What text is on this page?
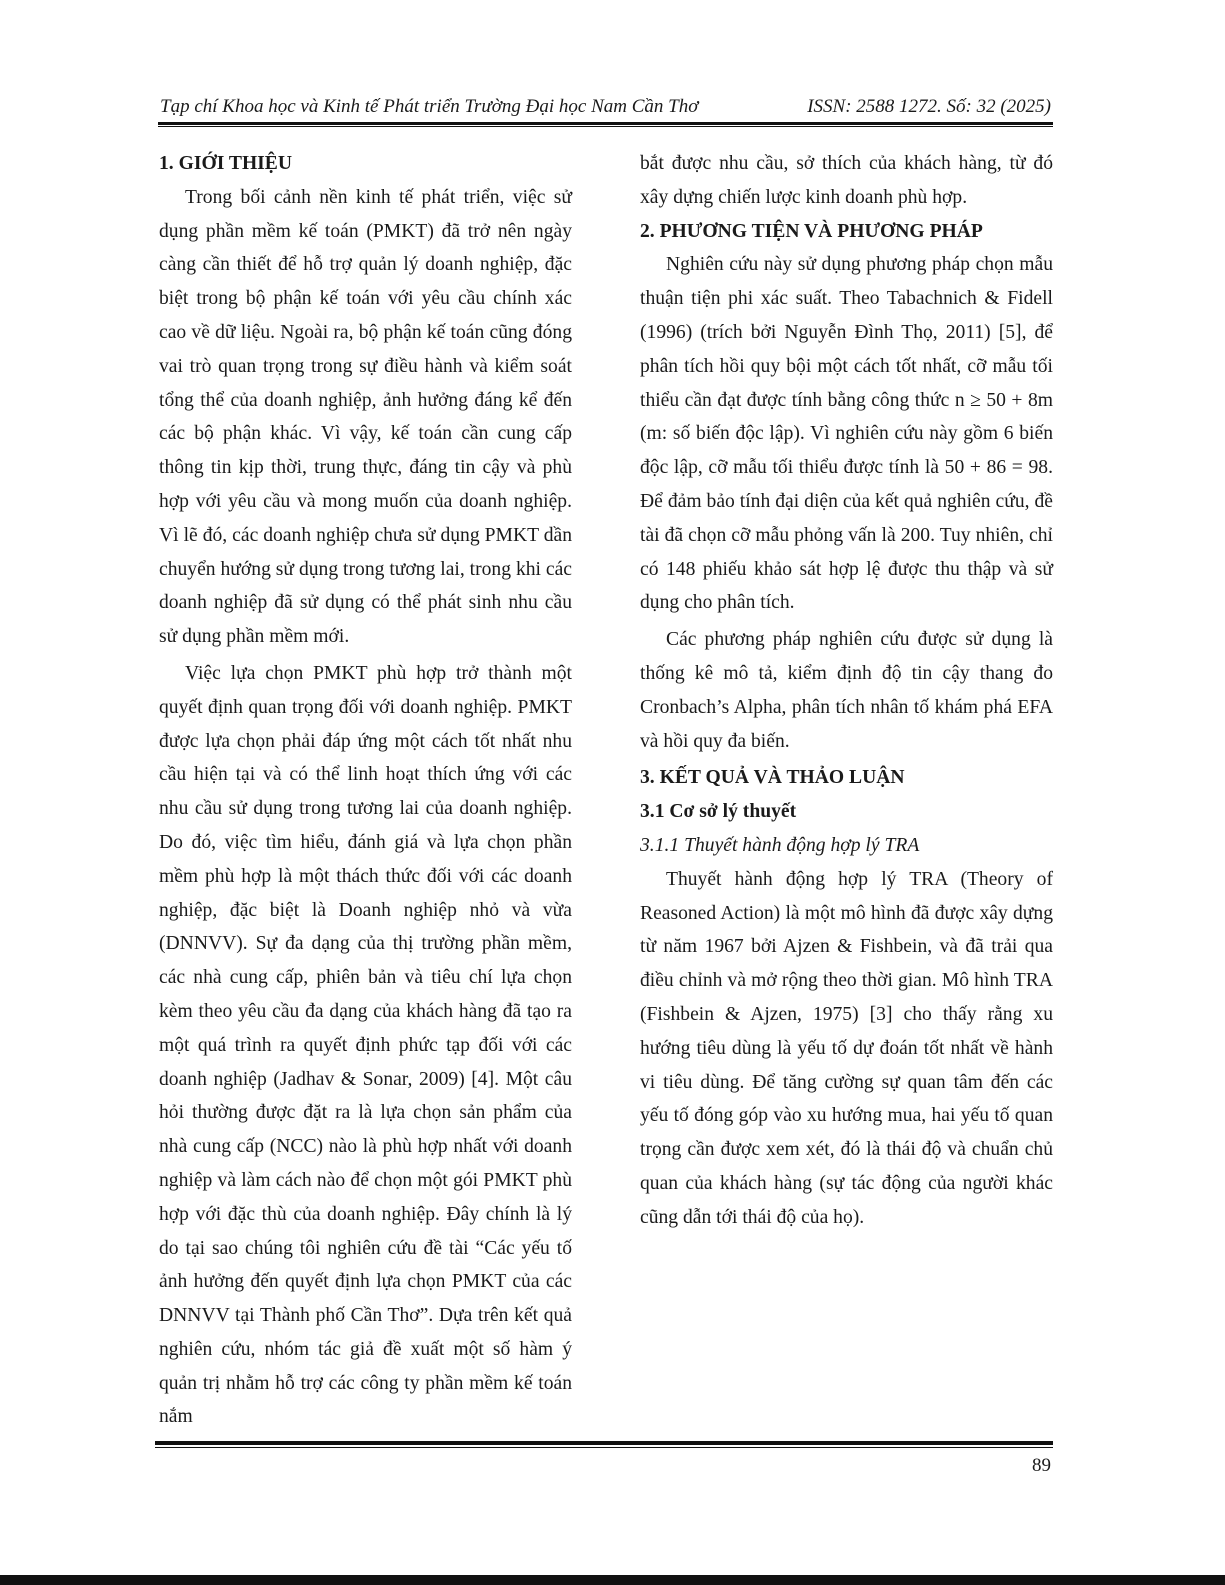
Tạp chí Khoa học và Kinh tế Phát triển Trường Đại học Nam Cần Thơ	ISSN: 2588 1272. Số: 32 (2025)
1. GIỚI THIỆU

Trong bối cảnh nền kinh tế phát triển, việc sử dụng phần mềm kế toán (PMKT) đã trở nên ngày càng cần thiết để hỗ trợ quản lý doanh nghiệp, đặc biệt trong bộ phận kế toán với yêu cầu chính xác cao về dữ liệu. Ngoài ra, bộ phận kế toán cũng đóng vai trò quan trọng trong sự điều hành và kiểm soát tổng thể của doanh nghiệp, ảnh hưởng đáng kể đến các bộ phận khác. Vì vậy, kế toán cần cung cấp thông tin kịp thời, trung thực, đáng tin cậy và phù hợp với yêu cầu và mong muốn của doanh nghiệp. Vì lẽ đó, các doanh nghiệp chưa sử dụng PMKT dần chuyển hướng sử dụng trong tương lai, trong khi các doanh nghiệp đã sử dụng có thể phát sinh nhu cầu sử dụng phần mềm mới.

Việc lựa chọn PMKT phù hợp trở thành một quyết định quan trọng đối với doanh nghiệp. PMKT được lựa chọn phải đáp ứng một cách tốt nhất nhu cầu hiện tại và có thể linh hoạt thích ứng với các nhu cầu sử dụng trong tương lai của doanh nghiệp. Do đó, việc tìm hiểu, đánh giá và lựa chọn phần mềm phù hợp là một thách thức đối với các doanh nghiệp, đặc biệt là Doanh nghiệp nhỏ và vừa (DNNVV). Sự đa dạng của thị trường phần mềm, các nhà cung cấp, phiên bản và tiêu chí lựa chọn kèm theo yêu cầu đa dạng của khách hàng đã tạo ra một quá trình ra quyết định phức tạp đối với các doanh nghiệp (Jadhav & Sonar, 2009) [4]. Một câu hỏi thường được đặt ra là lựa chọn sản phẩm của nhà cung cấp (NCC) nào là phù hợp nhất với doanh nghiệp và làm cách nào để chọn một gói PMKT phù hợp với đặc thù của doanh nghiệp. Đây chính là lý do tại sao chúng tôi nghiên cứu đề tài “Các yếu tố ảnh hưởng đến quyết định lựa chọn PMKT của các DNNVV tại Thành phố Cần Thơ”. Dựa trên kết quả nghiên cứu, nhóm tác giả đề xuất một số hàm ý quản trị nhằm hỗ trợ các công ty phần mềm kế toán nắm

bắt được nhu cầu, sở thích của khách hàng, từ đó xây dựng chiến lược kinh doanh phù hợp.

2. PHƯƠNG TIỆN VÀ PHƯƠNG PHÁP

Nghiên cứu này sử dụng phương pháp chọn mẫu thuận tiện phi xác suất. Theo Tabachnich & Fidell (1996) (trích bởi Nguyễn Đình Thọ, 2011) [5], để phân tích hồi quy bội một cách tốt nhất, cỡ mẫu tối thiểu cần đạt được tính bằng công thức n ≥ 50 + 8m (m: số biến độc lập). Vì nghiên cứu này gồm 6 biến độc lập, cỡ mẫu tối thiểu được tính là 50 + 86 = 98. Để đảm bảo tính đại diện của kết quả nghiên cứu, đề tài đã chọn cỡ mẫu phỏng vấn là 200. Tuy nhiên, chỉ có 148 phiếu khảo sát hợp lệ được thu thập và sử dụng cho phân tích.

Các phương pháp nghiên cứu được sử dụng là thống kê mô tả, kiểm định độ tin cậy thang đo Cronbach’s Alpha, phân tích nhân tố khám phá EFA và hồi quy đa biến.

3. KẾT QUẢ VÀ THẢO LUẬN
3.1 Cơ sở lý thuyết
3.1.1 Thuyết hành động hợp lý TRA

Thuyết hành động hợp lý TRA (Theory of Reasoned Action) là một mô hình đã được xây dựng từ năm 1967 bởi Ajzen & Fishbein, và đã trải qua điều chỉnh và mở rộng theo thời gian. Mô hình TRA (Fishbein & Ajzen, 1975) [3] cho thấy rằng xu hướng tiêu dùng là yếu tố dự đoán tốt nhất về hành vi tiêu dùng. Để tăng cường sự quan tâm đến các yếu tố đóng góp vào xu hướng mua, hai yếu tố quan trọng cần được xem xét, đó là thái độ và chuẩn chủ quan của khách hàng (sự tác động của người khác cũng dẫn tới thái độ của họ).

89
